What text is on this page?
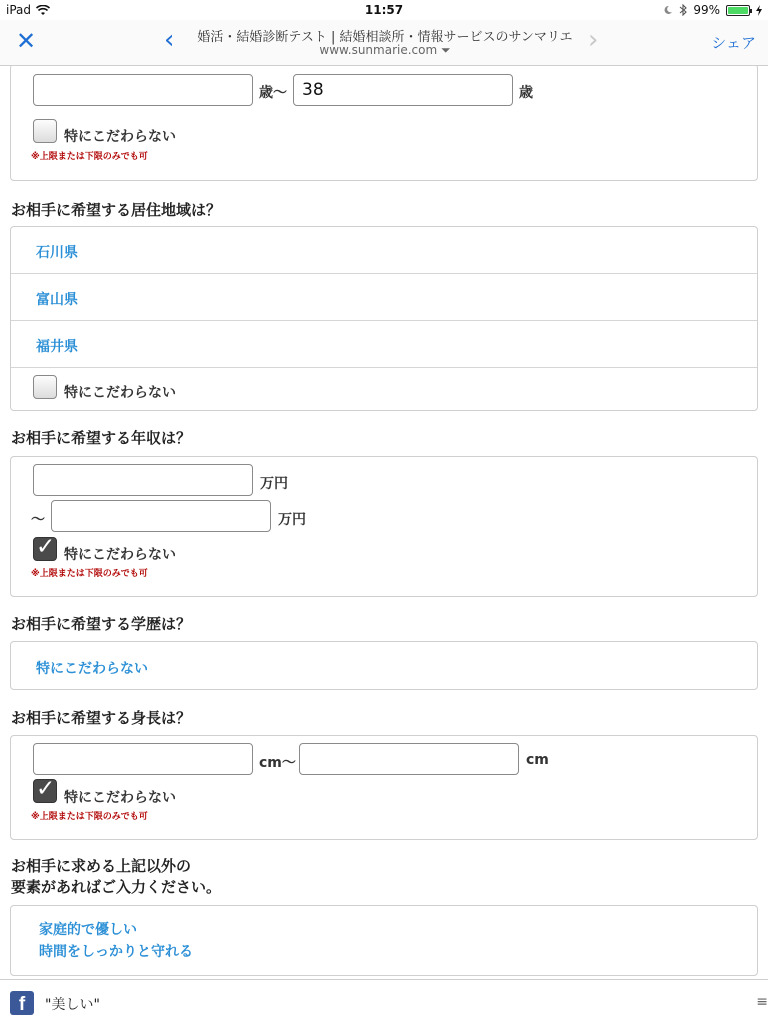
iPad	11:57	99%
✕	‹	婚活・結婚診断テスト | 結婚相談所・情報サービスのサンマリエ
www.sunmarie.com ⏷	›	シェア
歳〜 38	歳
特にこだわらない
※上限または下限のみでも可
お相手に希望する居住地域は？
石川県
富山県
福井県
特にこだわらない
お相手に希望する年収は？
万円
〜	万円
✓
特にこだわらない
※上限または下限のみでも可
お相手に希望する学歴は？
特にこだわらない
お相手に希望する身長は？
cm〜	cm
✓
特にこだわらない
※上限または下限のみでも可
お相手に求める上記以外の
要素があればご入力ください。
家庭的で優しい
時間をしっかりと守れる
f	"美しい"	≡
